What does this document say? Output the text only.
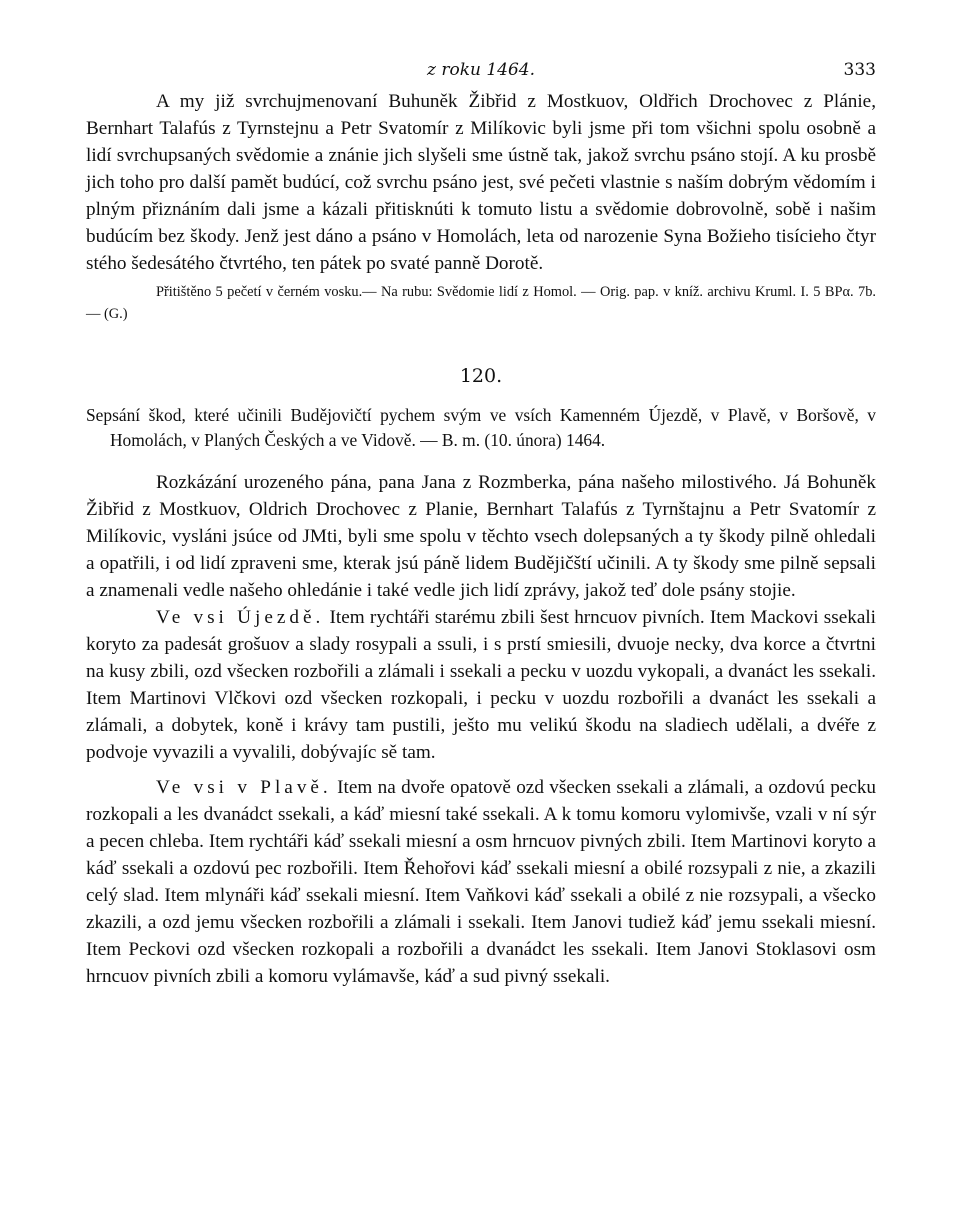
z roku 1464.	333

A my již svrchujmenovaní Buhuněk Žibřid z Mostkuov, Oldřich Drochovec z Plánie, Bernhart Talafús z Tyrnstejnu a Petr Svatomír z Milíkovic byli jsme při tom všichni spolu osobně a lidí svrchupsaných svědomie a znánie jich slyšeli sme ústně tak, jakož svrchu psáno stojí. A ku prosbě jich toho pro další pamět budúcí, což svrchu psáno jest, své pečeti vlastnie s naším dobrým vědomím i plným přiznáním dali jsme a kázali přitisknúti k tomuto listu a svědomie dobrovolně, sobě i našim budúcím bez škody. Jenž jest dáno a psáno v Homolách, leta od narozenie Syna Božieho tisícieho čtyr stého šedesátého čtvrtého, ten pátek po svaté panně Dorotě.

Přitištěno 5 pečetí v černém vosku.— Na rubu: Svědomie lidí z Homol. — Orig. pap. v kníž. archivu Kruml. I. 5 BPα. 7b. — (G.)

120.

Sepsání škod, které učinili Budějovičtí pychem svým ve vsích Kamenném Újezdě, v Plavě, v Boršově, v Homolách, v Planých Českých a ve Vidově. — B. m. (10. února) 1464.

Rozkázání urozeného pána, pana Jana z Rozmberka, pána našeho milostivého. Já Bohuněk Žibřid z Mostkuov, Oldrich Drochovec z Planie, Bernhart Talafús z Tyrnštajnu a Petr Svatomír z Milíkovic, vysláni jsúce od JMti, byli sme spolu v těchto vsech dolepsaných a ty škody pilně ohledali a opatřili, i od lidí zpraveni sme, kterak jsú páně lidem Budějičští učinili. A ty škody sme pilně sepsali a znamenali vedle našeho ohledánie i také vedle jich lidí zprávy, jakož teď dole psány stojie.

Ve vsi Újezdě. Item rychtáři starému zbili šest hrncuov pivních. Item Mackovi ssekali koryto za padesát grošuov a slady rosypali a ssuli, i s prstí smiesili, dvuoje necky, dva korce a čtvrtni na kusy zbili, ozd všecken rozbořili a zlámali i ssekali a pecku v uozdu vykopali, a dvanáct les ssekali. Item Martinovi Vlčkovi ozd všecken rozkopali, i pecku v uozdu rozbořili a dvanáct les ssekali a zlámali, a dobytek, koně i krávy tam pustili, ješto mu velikú škodu na sladiech udělali, a dvéře z podvoje vyvazili a vyvalili, dobývajíc sě tam.

Ve vsi v Plavě. Item na dvoře opatově ozd všecken ssekali a zlámali, a ozdovú pecku rozkopali a les dvanádct ssekali, a káď miesní také ssekali. A k tomu komoru vylomivše, vzali v ní sýr a pecen chleba. Item rychtáři káď ssekali miesní a osm hrncuov pivných zbili. Item Martinovi koryto a káď ssekali a ozdovú pec rozbořili. Item Řehořovi káď ssekali miesní a obilé rozsypali z nie, a zkazili celý slad. Item mlynáři káď ssekali miesní. Item Vaňkovi káď ssekali a obilé z nie rozsypali, a všecko zkazili, a ozd jemu všecken rozbořili a zlámali i ssekali. Item Janovi tudiež káď jemu ssekali miesní. Item Peckovi ozd všecken rozkopali a rozbořili a dvanádct les ssekali. Item Janovi Stoklasovi osm hrncuov pivních zbili a komoru vylámavše, káď a sud pivný ssekali.
